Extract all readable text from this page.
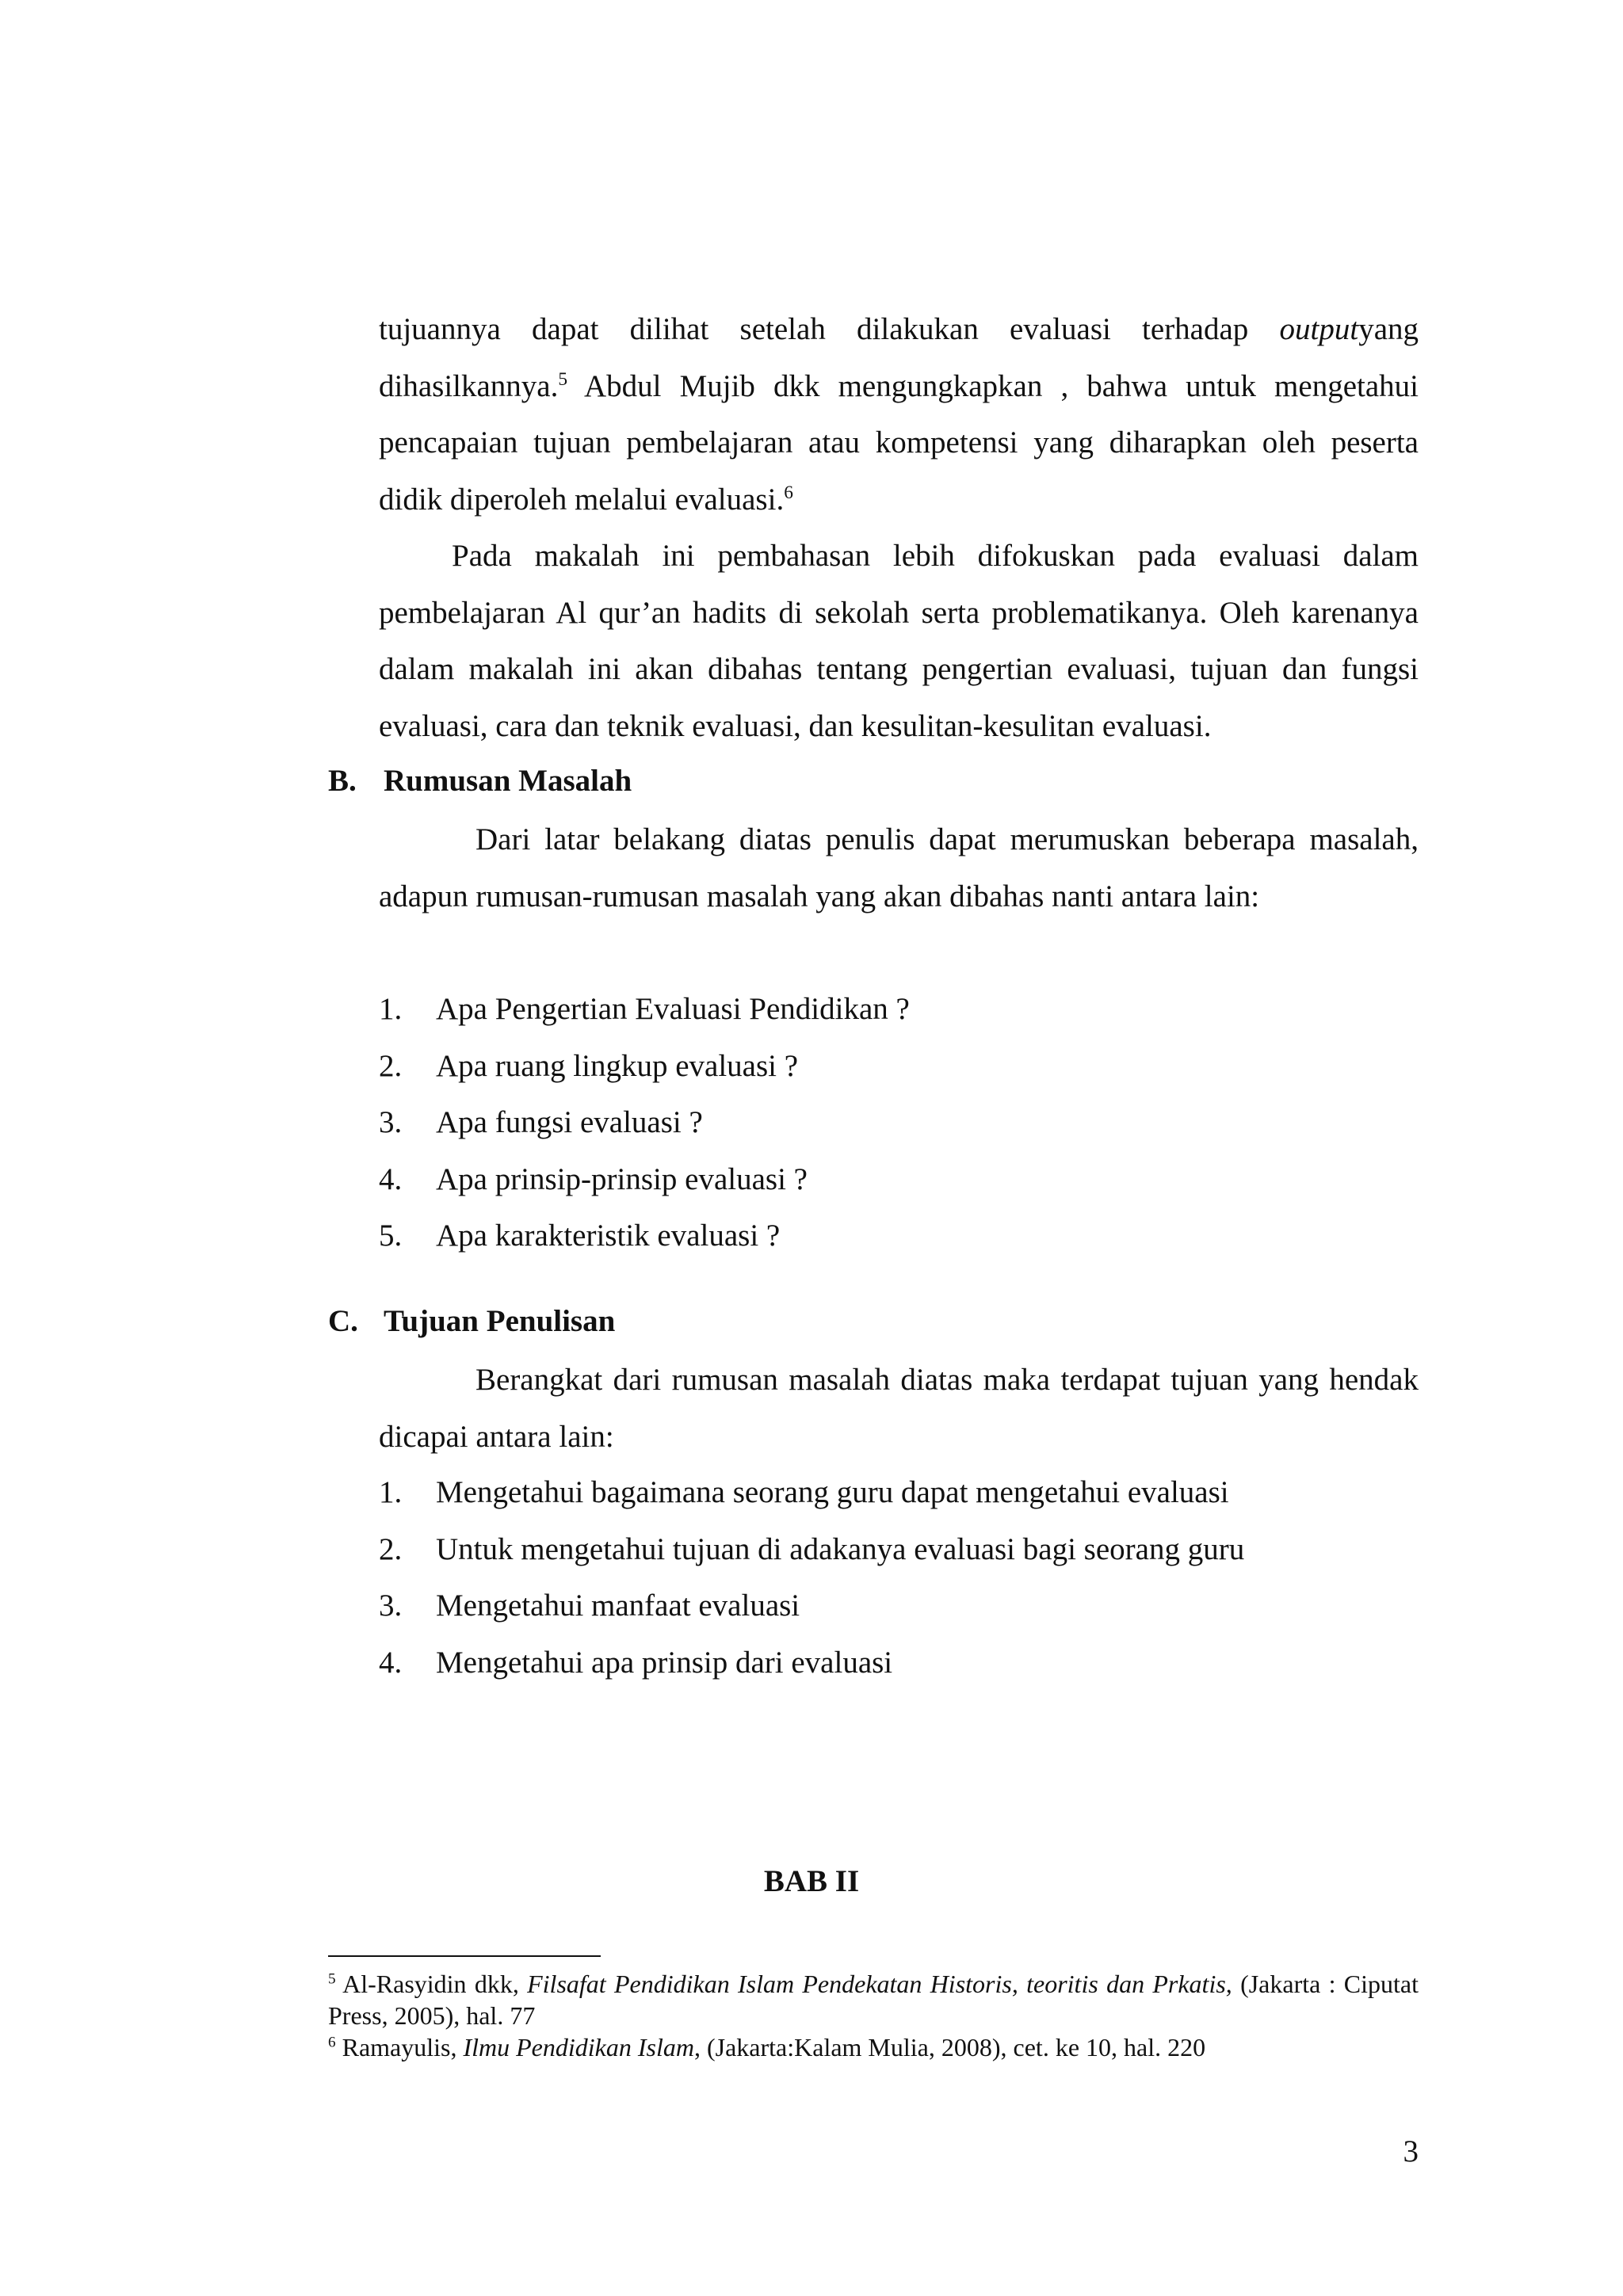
tujuannya dapat dilihat setelah dilakukan evaluasi terhadap outputyang dihasilkannya.$^5$ Abdul Mujib dkk mengungkapkan , bahwa untuk mengetahui pencapaian tujuan pembelajaran atau kompetensi yang diharapkan oleh peserta didik diperoleh melalui evaluasi.$^6$

Pada makalah ini pembahasan lebih difokuskan pada evaluasi dalam pembelajaran Al qur’an hadits di sekolah serta problematikanya. Oleh karenanya dalam makalah ini akan dibahas tentang pengertian evaluasi, tujuan dan fungsi evaluasi, cara dan teknik evaluasi, dan kesulitan-kesulitan evaluasi.

B. Rumusan Masalah

Dari latar belakang diatas penulis dapat merumuskan beberapa masalah, adapun rumusan-rumusan masalah yang akan dibahas nanti antara lain:

1. Apa Pengertian Evaluasi Pendidikan ?
2. Apa ruang lingkup evaluasi ?
3. Apa fungsi evaluasi ?
4. Apa prinsip-prinsip evaluasi ?
5. Apa karakteristik evaluasi ?
C. Tujuan Penulisan

Berangkat dari rumusan masalah diatas maka terdapat tujuan yang hendak dicapai antara lain:

1. Mengetahui bagaimana seorang guru dapat mengetahui evaluasi
2. Untuk mengetahui tujuan di adakanya evaluasi bagi seorang guru
3. Mengetahui manfaat evaluasi
4. Mengetahui apa prinsip dari evaluasi
BAB II

$^5$ Al-Rasyidin dkk, Filsafat Pendidikan Islam Pendekatan Historis, teoritis dan Prkatis, (Jakarta : Ciputat Press, 2005), hal. 77

$^6$ Ramayulis, Ilmu Pendidikan Islam, (Jakarta:Kalam Mulia, 2008), cet. ke 10, hal. 220

3
